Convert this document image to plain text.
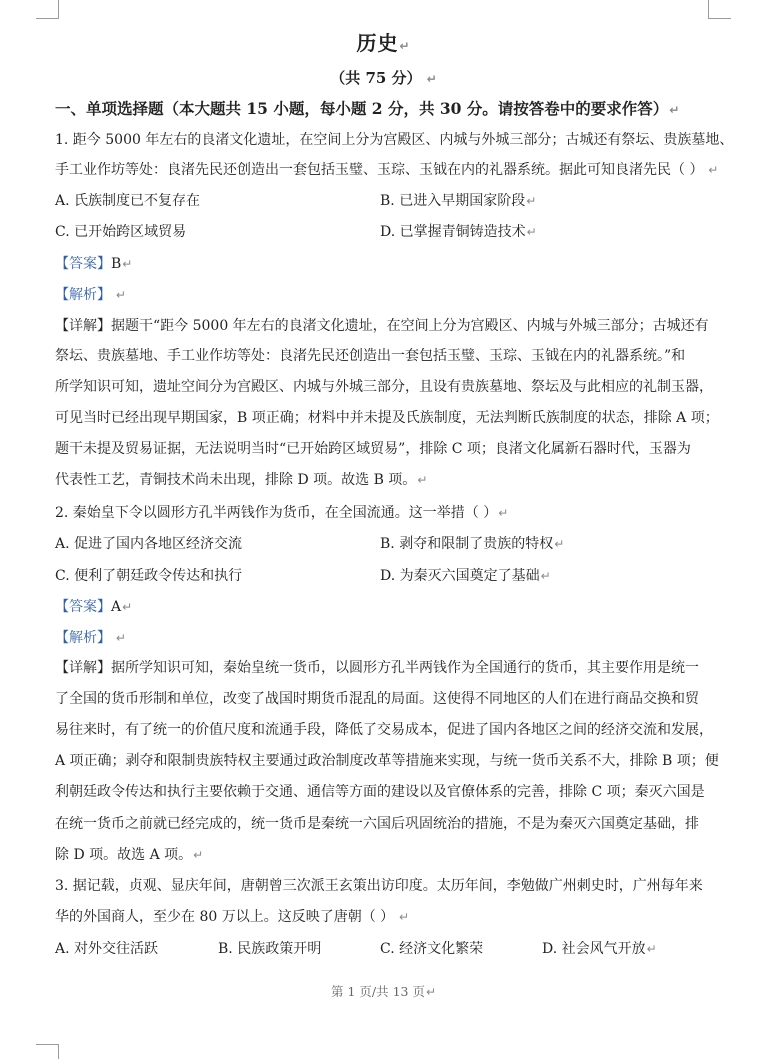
历史↵
（共 75 分） ↵
一、单项选择题（本大题共 15 小题，每小题 2 分，共 30 分。请按答卷中的要求作答）↵
1. 距今 5000 年左右的良渚文化遗址，在空间上分为宫殿区、内城与外城三部分；古城还有祭坛、贵族墓地、
手工业作坊等处：良渚先民还创造出一套包括玉璧、玉琮、玉钺在内的礼器系统。据此可知良渚先民（ ） ↵
A. 氏族制度已不复存在	B. 已进入早期国家阶段↵
C. 已开始跨区域贸易	D. 已掌握青铜铸造技术↵
【答案】B↵
【解析】 ↵
【详解】据题干“距今 5000 年左右的良渚文化遗址，在空间上分为宫殿区、内城与外城三部分；古城还有
祭坛、贵族墓地、手工业作坊等处：良渚先民还创造出一套包括玉璧、玉琮、玉钺在内的礼器系统。”和
所学知识可知，遗址空间分为宫殿区、内城与外城三部分，且设有贵族墓地、祭坛及与此相应的礼制玉器，
可见当时已经出现早期国家，B 项正确；材料中并未提及氏族制度，无法判断氏族制度的状态，排除 A 项；
题干未提及贸易证据，无法说明当时“已开始跨区域贸易”，排除 C 项；良渚文化属新石器时代，玉器为
代表性工艺，青铜技术尚未出现，排除 D 项。故选 B 项。↵
2. 秦始皇下令以圆形方孔半两钱作为货币，在全国流通。这一举措（ ）↵
A. 促进了国内各地区经济交流	B. 剥夺和限制了贵族的特权↵
C. 便利了朝廷政令传达和执行	D. 为秦灭六国奠定了基础↵
【答案】A↵
【解析】 ↵
【详解】据所学知识可知，秦始皇统一货币，以圆形方孔半两钱作为全国通行的货币，其主要作用是统一
了全国的货币形制和单位，改变了战国时期货币混乱的局面。这使得不同地区的人们在进行商品交换和贸
易往来时，有了统一的价值尺度和流通手段，降低了交易成本，促进了国内各地区之间的经济交流和发展，
A 项正确；剥夺和限制贵族特权主要通过政治制度改革等措施来实现，与统一货币关系不大，排除 B 项；便
利朝廷政令传达和执行主要依赖于交通、通信等方面的建设以及官僚体系的完善，排除 C 项；秦灭六国是
在统一货币之前就已经完成的，统一货币是秦统一六国后巩固统治的措施，不是为秦灭六国奠定基础，排
除 D 项。故选 A 项。↵
3. 据记载，贞观、显庆年间，唐朝曾三次派王玄策出访印度。太历年间，李勉做广州刺史时，广州每年来
华的外国商人，至少在 80 万以上。这反映了唐朝（ ） ↵
A. 对外交往活跃	B. 民族政策开明	C. 经济文化繁荣	D. 社会风气开放↵
第 1 页/共 13 页↵
